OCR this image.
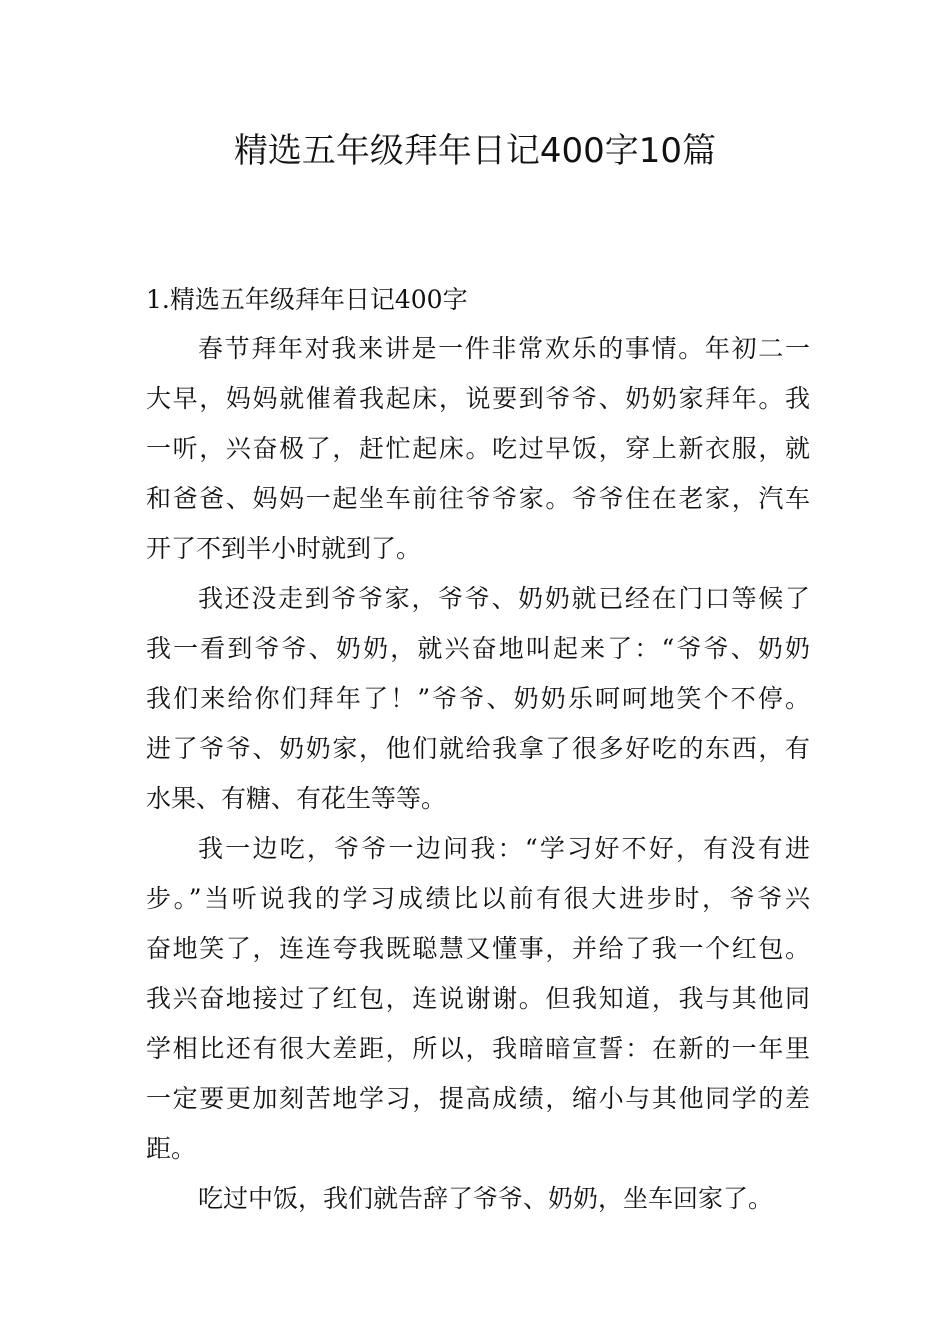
精选五年级拜年日记400字10篇
1.精选五年级拜年日记400字
春节拜年对我来讲是一件非常欢乐的事情。年初二一
大早，妈妈就催着我起床，说要到爷爷、奶奶家拜年。我
一听，兴奋极了，赶忙起床。吃过早饭，穿上新衣服，就
和爸爸、妈妈一起坐车前往爷爷家。爷爷住在老家，汽车
开了不到半小时就到了。
我还没走到爷爷家，爷爷、奶奶就已经在门口等候了
我一看到爷爷、奶奶，就兴奋地叫起来了：“爷爷、奶奶
我们来给你们拜年了！”爷爷、奶奶乐呵呵地笑个不停。
进了爷爷、奶奶家，他们就给我拿了很多好吃的东西，有
水果、有糖、有花生等等。
我一边吃，爷爷一边问我：“学习好不好，有没有进
步。”当听说我的学习成绩比以前有很大进步时，爷爷兴
奋地笑了，连连夸我既聪慧又懂事，并给了我一个红包。
我兴奋地接过了红包，连说谢谢。但我知道，我与其他同
学相比还有很大差距，所以，我暗暗宣誓：在新的一年里
一定要更加刻苦地学习，提高成绩，缩小与其他同学的差
距。
吃过中饭，我们就告辞了爷爷、奶奶，坐车回家了。
